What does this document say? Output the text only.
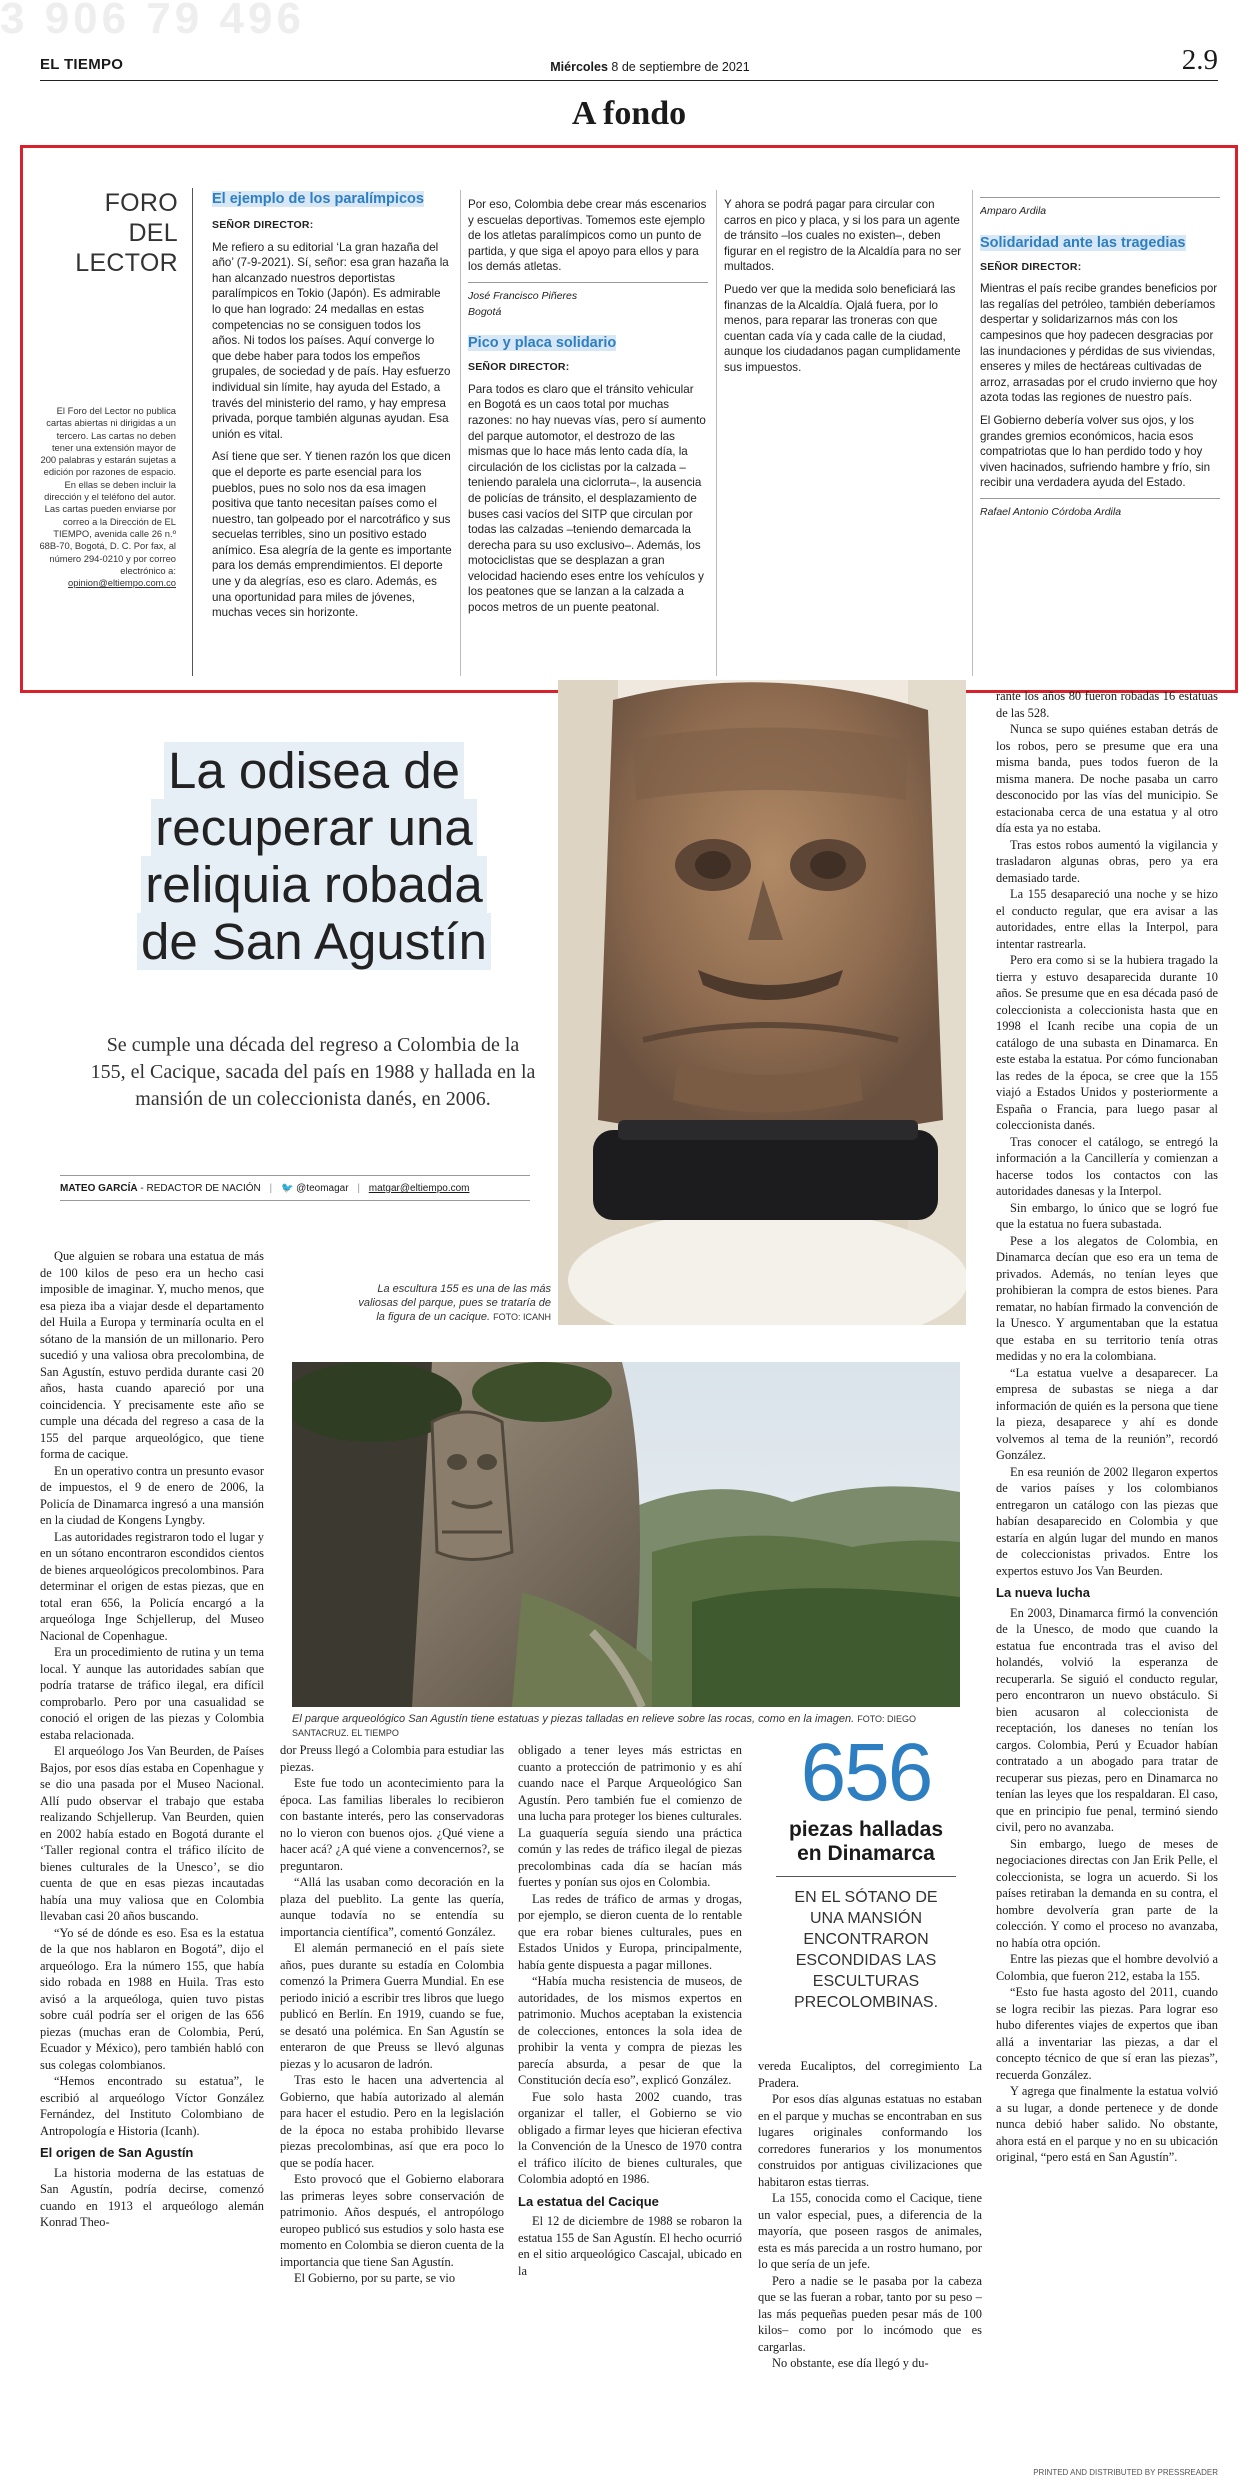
3 906 79 496
EL TIEMPO	Miércoles 8 de septiembre de 2021	2.9
A fondo
FORO DEL LECTOR
El Foro del Lector no publica cartas abiertas ni dirigidas a un tercero. Las cartas no deben tener una extensión mayor de 200 palabras y estarán sujetas a edición por razones de espacio. En ellas se deben incluir la dirección y el teléfono del autor. Las cartas pueden enviarse por correo a la Dirección de EL TIEMPO, avenida calle 26 n.º 68B-70, Bogotá, D. C. Por fax, al número 294-0210 y por correo electrónico a: opinion@eltiempo.com.co
El ejemplo de los paralímpicos
SEÑOR DIRECTOR:

Me refiero a su editorial ‘La gran hazaña del año’ (7-9-2021). Sí, señor: esa gran hazaña la han alcanzado nuestros deportistas paralímpicos en Tokio (Japón). Es admirable lo que han logrado: 24 medallas en estas competencias no se consiguen todos los años. Ni todos los países. Aquí converge lo que debe haber para todos los empeños grupales, de sociedad y de país. Hay esfuerzo individual sin límite, hay ayuda del Estado, a través del ministerio del ramo, y hay empresa privada, porque también algunas ayudan. Esa unión es vital.

Así tiene que ser. Y tienen razón los que dicen que el deporte es parte esencial para los pueblos, pues no solo nos da esa imagen positiva que tanto necesitan países como el nuestro, tan golpeado por el narcotráfico y sus secuelas terribles, sino un positivo estado anímico. Esa alegría de la gente es importante para los demás emprendimientos. El deporte une y da alegrías, eso es claro. Además, es una oportunidad para miles de jóvenes, muchas veces sin horizonte.

Por eso, Colombia debe crear más escenarios y escuelas deportivas. Tomemos este ejemplo de los atletas paralímpicos como un punto de partida, y que siga el apoyo para ellos y para los demás atletas.

José Francisco Piñeres
Bogotá
Pico y placa solidario
SEÑOR DIRECTOR:

Para todos es claro que el tránsito vehicular en Bogotá es un caos total por muchas razones: no hay nuevas vías, pero sí aumento del parque automotor, el destrozo de las mismas que lo hace más lento cada día, la circulación de los ciclistas por la calzada –teniendo paralela una ciclorruta–, la ausencia de policías de tránsito, el desplazamiento de buses casi vacíos del SITP que circulan por todas las calzadas –teniendo demarcada la derecha para su uso exclusivo–. Además, los motociclistas que se desplazan a gran velocidad haciendo eses entre los vehículos y los peatones que se lanzan a la calzada a pocos metros de un puente peatonal.

Y ahora se podrá pagar para circular con carros en pico y placa, y si los para un agente de tránsito –los cuales no existen–, deben figurar en el registro de la Alcaldía para no ser multados.

Puedo ver que la medida solo beneficiará las finanzas de la Alcaldía. Ojalá fuera, por lo menos, para reparar las troneras con que cuentan cada vía y cada calle de la ciudad, aunque los ciudadanos pagan cumplidamente sus impuestos.

Amparo Ardila
Solidaridad ante las tragedias
SEÑOR DIRECTOR:

Mientras el país recibe grandes beneficios por las regalías del petróleo, también deberíamos despertar y solidarizarnos más con los campesinos que hoy padecen desgracias por las inundaciones y pérdidas de sus viviendas, enseres y miles de hectáreas cultivadas de arroz, arrasadas por el crudo invierno que hoy azota todas las regiones de nuestro país.

El Gobierno debería volver sus ojos, y los grandes gremios económicos, hacia esos compatriotas que lo han perdido todo y hoy viven hacinados, sufriendo hambre y frío, sin recibir una verdadera ayuda del Estado.

Rafael Antonio Córdoba Ardila
La odisea de recuperar una reliquia robada de San Agustín
Se cumple una década del regreso a Colombia de la 155, el Cacique, sacada del país en 1988 y hallada en la mansión de un coleccionista danés, en 2006.
MATEO GARCÍA - REDACTOR DE NACIÓN | 🐦 @teomagar | matgar@eltiempo.com
La escultura 155 es una de las más valiosas del parque, pues se trataría de la figura de un cacique. FOTO: ICANH
El parque arqueológico San Agustín tiene estatuas y piezas talladas en relieve sobre las rocas, como en la imagen. FOTO: DIEGO SANTACRUZ. EL TIEMPO	656
piezas halladas en Dinamarca
EN EL SÓTANO DE UNA MANSIÓN ENCONTRARON ESCONDIDAS LAS ESCULTURAS PRECOLOMBINAS.

Que alguien se robara una estatua de más de 100 kilos de peso era un hecho casi imposible de imaginar. Y, mucho menos, que esa pieza iba a viajar desde el departamento del Huila a Europa y terminaría oculta en el sótano de la mansión de un millonario. Pero sucedió y una valiosa obra precolombina, de San Agustín, estuvo perdida durante casi 20 años, hasta cuando apareció por una coincidencia. Y precisamente este año se cumple una década del regreso a casa de la 155 del parque arqueológico, que tiene forma de cacique.

En un operativo contra un presunto evasor de impuestos, el 9 de enero de 2006, la Policía de Dinamarca ingresó a una mansión en la ciudad de Kongens Lyngby.

Las autoridades registraron todo el lugar y en un sótano encontraron escondidos cientos de bienes arqueológicos precolombinos. Para determinar el origen de estas piezas, que en total eran 656, la Policía encargó a la arqueóloga Inge Schjellerup, del Museo Nacional de Copenhague.

Era un procedimiento de rutina y un tema local. Y aunque las autoridades sabían que podría tratarse de tráfico ilegal, era difícil comprobarlo. Pero por una casualidad se conoció el origen de las piezas y Colombia estaba relacionada.

El arqueólogo Jos Van Beurden, de Países Bajos, por esos días estaba en Copenhague y se dio una pasada por el Museo Nacional. Allí pudo observar el trabajo que estaba realizando Schjellerup. Van Beurden, quien en 2002 había estado en Bogotá durante el ‘Taller regional contra el tráfico ilícito de bienes culturales de la Unesco’, se dio cuenta de que en esas piezas incautadas había una muy valiosa que en Colombia llevaban casi 20 años buscando.

“Yo sé de dónde es eso. Esa es la estatua de la que nos hablaron en Bogotá”, dijo el arqueólogo. Era la número 155, que había sido robada en 1988 en Huila. Tras esto avisó a la arqueóloga, quien tuvo pistas sobre cuál podría ser el origen de las 656 piezas (muchas eran de Colombia, Perú, Ecuador y México), pero también habló con sus colegas colombianos.

“Hemos encontrado su estatua”, le escribió al arqueólogo Víctor González Fernández, del Instituto Colombiano de Antropología e Historia (Icanh).

El origen de San Agustín

La historia moderna de las estatuas de San Agustín, podría decirse, comenzó cuando en 1913 el arqueólogo alemán Konrad Theo-

dor Preuss llegó a Colombia para estudiar las piezas.

Este fue todo un acontecimiento para la época. Las familias liberales lo recibieron con bastante interés, pero las conservadoras no lo vieron con buenos ojos. ¿Qué viene a hacer acá? ¿A qué viene a convencernos?, se preguntaron.

“Allá las usaban como decoración en la plaza del pueblito. La gente las quería, aunque todavía no se entendía su importancia científica”, comentó González.

El alemán permaneció en el país siete años, pues durante su estadía en Colombia comenzó la Primera Guerra Mundial. En ese periodo inició a escribir tres libros que luego publicó en Berlín. En 1919, cuando se fue, se desató una polémica. En San Agustín se enteraron de que Preuss se llevó algunas piezas y lo acusaron de ladrón.

Tras esto le hacen una advertencia al Gobierno, que había autorizado al alemán para hacer el estudio. Pero en la legislación de la época no estaba prohibido llevarse piezas precolombinas, así que era poco lo que se podía hacer.

Esto provocó que el Gobierno elaborara las primeras leyes sobre conservación de patrimonio. Años después, el antropólogo europeo publicó sus estudios y solo hasta ese momento en Colombia se dieron cuenta de la importancia que tiene San Agustín.

El Gobierno, por su parte, se vio

obligado a tener leyes más estrictas en cuanto a protección de patrimonio y es ahí cuando nace el Parque Arqueológico San Agustín. Pero también fue el comienzo de una lucha para proteger los bienes culturales. La guaquería seguía siendo una práctica común y las redes de tráfico ilegal de piezas precolombinas cada día se hacían más fuertes y ponían sus ojos en Colombia.

Las redes de tráfico de armas y drogas, por ejemplo, se dieron cuenta de lo rentable que era robar bienes culturales, pues en Estados Unidos y Europa, principalmente, había gente dispuesta a pagar millones.

“Había mucha resistencia de museos, de autoridades, de los mismos expertos en patrimonio. Muchos aceptaban la existencia de colecciones, entonces la sola idea de prohibir la venta y compra de piezas les parecía absurda, a pesar de que la Constitución decía eso”, explicó González.

Fue solo hasta 2002 cuando, tras organizar el taller, el Gobierno se vio obligado a firmar leyes que hicieran efectiva la Convención de la Unesco de 1970 contra el tráfico ilícito de bienes culturales, que Colombia adoptó en 1986.

La estatua del Cacique

El 12 de diciembre de 1988 se robaron la estatua 155 de San Agustín. El hecho ocurrió en el sitio arqueológico Cascajal, ubicado en la

vereda Eucaliptos, del corregimiento La Pradera.

Por esos días algunas estatuas no estaban en el parque y muchas se encontraban en sus lugares originales conformando los corredores funerarios y los monumentos construidos por antiguas civilizaciones que habitaron estas tierras.

La 155, conocida como el Cacique, tiene un valor especial, pues, a diferencia de la mayoría, que poseen rasgos de animales, esta es más parecida a un rostro humano, por lo que sería de un jefe.

Pero a nadie se le pasaba por la cabeza que se las fueran a robar, tanto por su peso –las más pequeñas pueden pesar más de 100 kilos– como por lo incómodo que es cargarlas.

No obstante, ese día llegó y du-

rante los años 80 fueron robadas 16 estatuas de las 528.

Nunca se supo quiénes estaban detrás de los robos, pero se presume que era una misma banda, pues todos fueron de la misma manera. De noche pasaba un carro desconocido por las vías del municipio. Se estacionaba cerca de una estatua y al otro día esta ya no estaba.

Tras estos robos aumentó la vigilancia y trasladaron algunas obras, pero ya era demasiado tarde.

La 155 desapareció una noche y se hizo el conducto regular, que era avisar a las autoridades, entre ellas la Interpol, para intentar rastrearla.

Pero era como si se la hubiera tragado la tierra y estuvo desaparecida durante 10 años. Se presume que en esa década pasó de coleccionista a coleccionista hasta que en 1998 el Icanh recibe una copia de un catálogo de una subasta en Dinamarca. En este estaba la estatua. Por cómo funcionaban las redes de la época, se cree que la 155 viajó a Estados Unidos y posteriormente a España o Francia, para luego pasar al coleccionista danés.

Tras conocer el catálogo, se entregó la información a la Cancillería y comienzan a hacerse todos los contactos con las autoridades danesas y la Interpol.

Sin embargo, lo único que se logró fue que la estatua no fuera subastada.

Pese a los alegatos de Colombia, en Dinamarca decían que eso era un tema de privados. Además, no tenían leyes que prohibieran la compra de estos bienes. Para rematar, no habían firmado la convención de la Unesco. Y argumentaban que la estatua que estaba en su territorio tenía otras medidas y no era la colombiana.

“La estatua vuelve a desaparecer. La empresa de subastas se niega a dar información de quién es la persona que tiene la pieza, desaparece y ahí es donde volvemos al tema de la reunión”, recordó González.

En esa reunión de 2002 llegaron expertos de varios países y los colombianos entregaron un catálogo con las piezas que habían desaparecido en Colombia y que estaría en algún lugar del mundo en manos de coleccionistas privados. Entre los expertos estuvo Jos Van Beurden.

La nueva lucha

En 2003, Dinamarca firmó la convención de la Unesco, de modo que cuando la estatua fue encontrada tras el aviso del holandés, volvió la esperanza de recuperarla. Se siguió el conducto regular, pero encontraron un nuevo obstáculo. Si bien acusaron al coleccionista de receptación, los daneses no tenían los cargos. Colombia, Perú y Ecuador habían contratado a un abogado para tratar de recuperar sus piezas, pero en Dinamarca no tenían las leyes que los respaldaran. El caso, que en principio fue penal, terminó siendo civil, pero no avanzaba.

Sin embargo, luego de meses de negociaciones directas con Jan Erik Pelle, el coleccionista, se logra un acuerdo. Si los países retiraban la demanda en su contra, el hombre devolvería gran parte de la colección. Y como el proceso no avanzaba, no había otra opción.

Entre las piezas que el hombre devolvió a Colombia, que fueron 212, estaba la 155.

“Esto fue hasta agosto del 2011, cuando se logra recibir las piezas. Para lograr eso hubo diferentes viajes de expertos que iban allá a inventariar las piezas, a dar el concepto técnico de que sí eran las piezas”, recuerda González.

Y agrega que finalmente la estatua volvió a su lugar, a donde pertenece y de donde nunca debió haber salido. No obstante, ahora está en el parque y no en su ubicación original, “pero está en San Agustín”.

PRINTED AND DISTRIBUTED BY PRESSREADER
